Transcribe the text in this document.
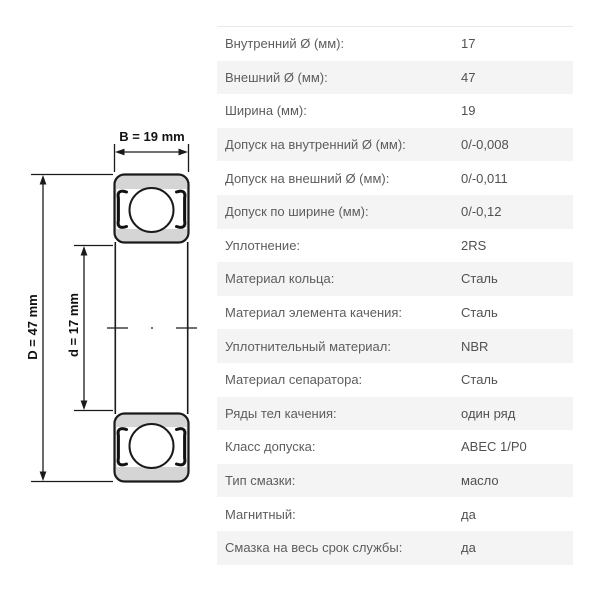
B = 19 mm
D = 47 mm d = 17 mm
Внутренний Ø (мм):	17
Внешний Ø (мм):	47
Ширина (мм):	19
Допуск на внутренний Ø (мм):	0/-0,008
Допуск на внешний Ø (мм):	0/-0,011
Допуск по ширине (мм):	0/-0,12
Уплотнение:	2RS
Материал кольца:	Сталь
Материал элемента качения:	Сталь
Уплотнительный материал:	NBR
Материал сепаратора:	Сталь
Ряды тел качения:	один ряд
Класс допуска:	ABEC 1/P0
Тип смазки:	масло
Магнитный:	да
Смазка на весь срок службы:	да
